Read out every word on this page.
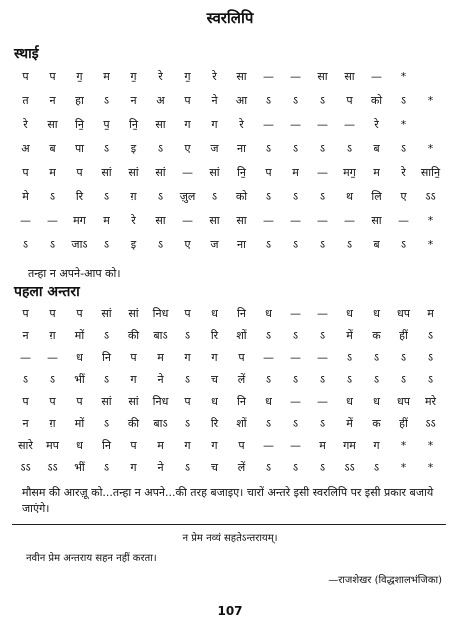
स्वरलिपि
स्थाई
प	प	ग॒	म	ग॒	रे	ग॒	रे	सा	—	—	सा	सा	—	*
त	न	हा	ऽ	न	अ	प	ने	आ	ऽ	ऽ	ऽ	प	को	ऽ	*
रे	सा	नि॒	प॒	नि॒	सा	ग	ग	रे	—	—	—	—	रे	*
अ	ब	पा	ऽ	इ	ऽ	ए	ज	ना	ऽ	ऽ	ऽ	ऽ	ब	ऽ	*
प	म	प	सां	सां	सां	—	सां	नि॒	प	म	—	मग॒	म	रे	सानि॒
मे	ऽ	रि	ऽ	ग़	ऽ	ज़ुल	ऽ	को	ऽ	ऽ	ऽ	थ	लि	ए	ऽऽ
—	—	मग	म	रे	सा	—	सा	सा	—	—	—	—	सा	—	*
ऽ	ऽ	जाऽ	ऽ	इ	ऽ	ए	ज	ना	ऽ	ऽ	ऽ	ऽ	ब	ऽ	*
तन्हा न अपने-आप को।
पहला अन्तरा
प	प	प	सां	सां	निध	प	ध	नि	ध	—	—	ध	ध	धप	म
न	ग़	मों	ऽ	की	बाऽ	ऽ	रि	शों	ऽ	ऽ	ऽ	में	क	हीं	ऽ
—	—	ध	नि	प	म	ग	ग	प	—	—	—	ऽ	ऽ	ऽ	ऽ
ऽ	ऽ	भीं	ऽ	ग	ने	ऽ	च	लें	ऽ	ऽ	ऽ	ऽ	ऽ	ऽ	ऽ
प	प	प	सां	सां	निध	प	ध	नि	ध	—	—	ध	ध	धप	मरे
न	ग़	मों	ऽ	की	बाऽ	ऽ	रि	शों	ऽ	ऽ	ऽ	में	क	हीं	ऽऽ
सारे	मप	ध	नि	प	म	ग	ग	प	—	—	म	गम	ग	*	*
ऽऽ	ऽऽ	भीं	ऽ	ग	ने	ऽ	च	लें	ऽ	ऽ	ऽ	ऽऽ	ऽ	*	*
मौसम की आरज़ू को...तन्हा न अपने...की तरह बजाइए। चारों अन्तरे इसी स्वरलिपि पर इसी प्रकार बजाये जाएंगे।
न प्रेम नव्यं सहतेऽन्तरायम्।
नवीन प्रेम अन्तराय सहन नहीं करता।
—राजशेखर (विद्धशालभंजिका)
107
